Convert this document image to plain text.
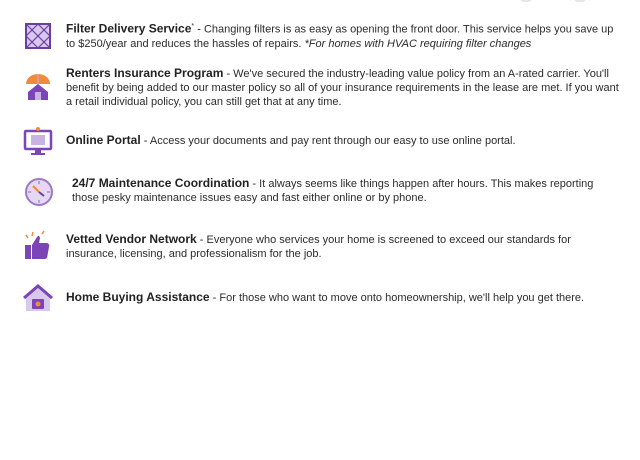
Filter Delivery Service* - Changing filters is as easy as opening the front door. This service helps you save up to $250/year and reduces the hassles of repairs. *For homes with HVAC requiring filter changes
Renters Insurance Program - We've secured the industry-leading value policy from an A-rated carrier. You'll benefit by being added to our master policy so all of your insurance requirements in the lease are met. If you want a retail individual policy, you can still get that at any time.
Online Portal - Access your documents and pay rent through our easy to use online portal.
24/7 Maintenance Coordination - It always seems like things happen after hours. This makes reporting those pesky maintenance issues easy and fast either online or by phone.
Vetted Vendor Network - Everyone who services your home is screened to exceed our standards for insurance, licensing, and professionalism for the job.
Home Buying Assistance - For those who want to move onto homeownership, we'll help you get there.
